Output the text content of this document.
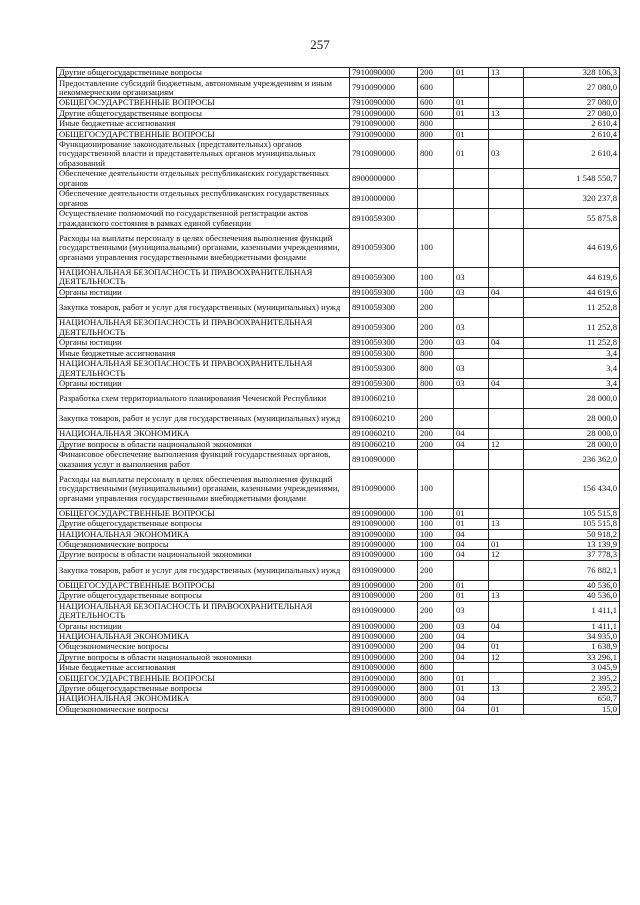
257
Другие общегосударственные вопросы	7910090000	200	01	13	328 106,3
Предоставление субсидий бюджетным, автономным учреждениям и иным некоммерческим организациям	7910090000	600			27 080,0
ОБЩЕГОСУДАРСТВЕННЫЕ ВОПРОСЫ	7910090000	600	01		27 080,0
Другие общегосударственные вопросы	7910090000	600	01	13	27 080,0
Иные бюджетные ассигнования	7910090000	800			2 610,4
ОБЩЕГОСУДАРСТВЕННЫЕ ВОПРОСЫ	7910090000	800	01		2 610,4
Функционирование законодательных (представительных) органов государственной власти и представительных органов муниципальных образований	7910090000	800	01	03	2 610,4
Обеспечение деятельности отдельных республиканских государственных органов	8900000000				1 548 550,7
Обеспечение деятельности отдельных республиканских государственных органов	8910000000				320 237,8
Осуществление полномочий по государственной регистрации актов гражданского состояния в рамках единой субвенции	8910059300				55 875,8
Расходы на выплаты персоналу в целях обеспечения выполнения функций государственными (муниципальными) органами, казенными учреждениями, органами управления государственными внебюджетными фондами	8910059300	100			44 619,6
НАЦИОНАЛЬНАЯ БЕЗОПАСНОСТЬ И ПРАВООХРАНИТЕЛЬНАЯ ДЕЯТЕЛЬНОСТЬ	8910059300	100	03		44 619,6
Органы юстиции	8910059300	100	03	04	44 619,6
Закупка товаров, работ и услуг для государственных (муниципальных) нужд	8910059300	200			11 252,8
НАЦИОНАЛЬНАЯ БЕЗОПАСНОСТЬ И ПРАВООХРАНИТЕЛЬНАЯ ДЕЯТЕЛЬНОСТЬ	8910059300	200	03		11 252,8
Органы юстиции	8910059300	200	03	04	11 252,8
Иные бюджетные ассигнования	8910059300	800			3,4
НАЦИОНАЛЬНАЯ БЕЗОПАСНОСТЬ И ПРАВООХРАНИТЕЛЬНАЯ ДЕЯТЕЛЬНОСТЬ	8910059300	800	03		3,4
Органы юстиции	8910059300	800	03	04	3,4
Разработка схем территориального планирования Чеченской Республики	8910060210				28 000,0
Закупка товаров, работ и услуг для государственных (муниципальных) нужд	8910060210	200			28 000,0
НАЦИОНАЛЬНАЯ ЭКОНОМИКА	8910060210	200	04		28 000,0
Другие вопросы в области национальной экономики	8910060210	200	04	12	28 000,0
Финансовое обеспечение выполнения функций государственных органов, оказания услуг и выполнения работ	8910090000				236 362,0
Расходы на выплаты персоналу в целях обеспечения выполнения функций государственными (муниципальными) органами, казенными учреждениями, органами управления государственными внебюджетными фондами	8910090000	100			156 434,0
ОБЩЕГОСУДАРСТВЕННЫЕ ВОПРОСЫ	8910090000	100	01		105 515,8
Другие общегосударственные вопросы	8910090000	100	01	13	105 515,8
НАЦИОНАЛЬНАЯ ЭКОНОМИКА	8910090000	100	04		50 918,2
Общеэкономические вопросы	8910090000	100	04	01	13 139,9
Другие вопросы в области национальной экономики	8910090000	100	04	12	37 778,3
Закупка товаров, работ и услуг для государственных (муниципальных) нужд	8910090000	200			76 882,1
ОБЩЕГОСУДАРСТВЕННЫЕ ВОПРОСЫ	8910090000	200	01		40 536,0
Другие общегосударственные вопросы	8910090000	200	01	13	40 536,0
НАЦИОНАЛЬНАЯ БЕЗОПАСНОСТЬ И ПРАВООХРАНИТЕЛЬНАЯ ДЕЯТЕЛЬНОСТЬ	8910090000	200	03		1 411,1
Органы юстиции	8910090000	200	03	04	1 411,1
НАЦИОНАЛЬНАЯ ЭКОНОМИКА	8910090000	200	04		34 935,0
Общеэкономические вопросы	8910090000	200	04	01	1 638,9
Другие вопросы в области национальной экономики	8910090000	200	04	12	33 296,1
Иные бюджетные ассигнования	8910090000	800			3 045,9
ОБЩЕГОСУДАРСТВЕННЫЕ ВОПРОСЫ	8910090000	800	01		2 395,2
Другие общегосударственные вопросы	8910090000	800	01	13	2 395,2
НАЦИОНАЛЬНАЯ ЭКОНОМИКА	8910090000	800	04		650,7
Общеэкономические вопросы	8910090000	800	04	01	15,0
